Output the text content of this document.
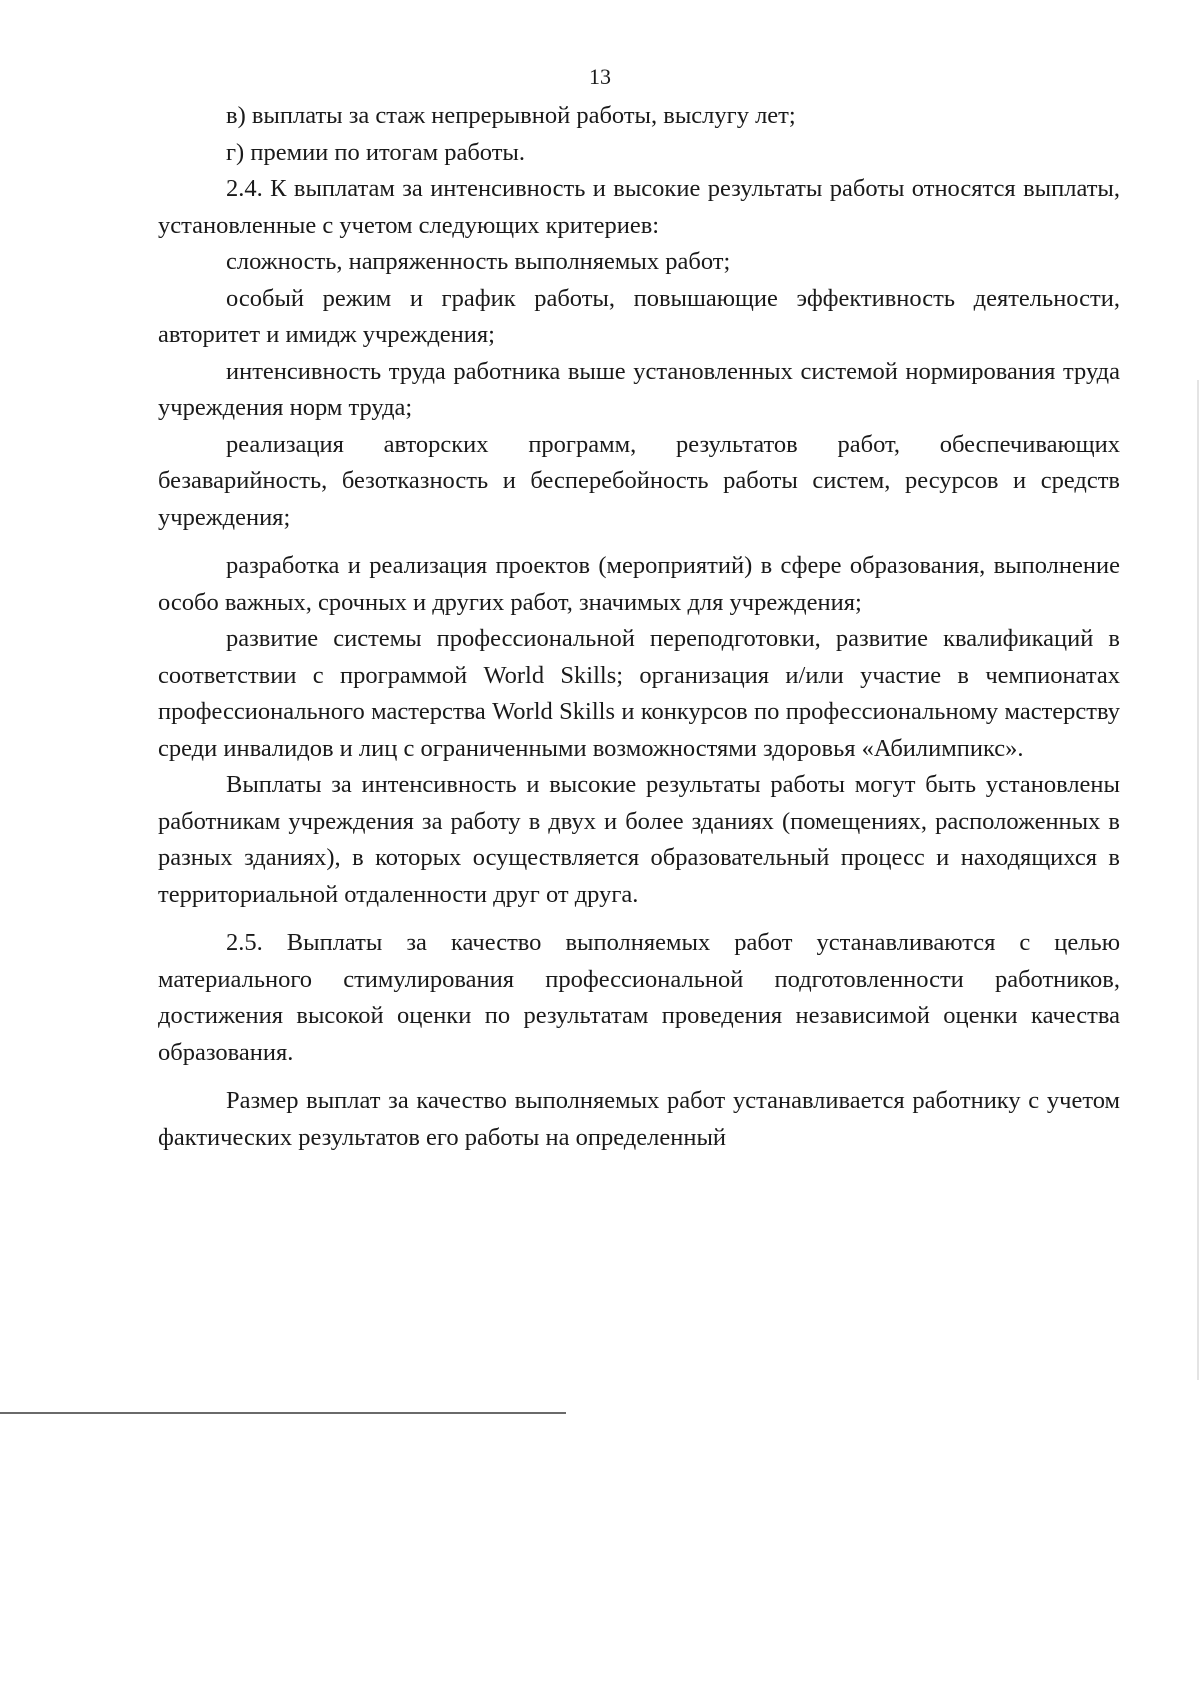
13

в) выплаты за стаж непрерывной работы, выслугу лет;

г) премии по итогам работы.

2.4. К выплатам за интенсивность и высокие результаты работы относятся выплаты, установленные с учетом следующих критериев:

сложность, напряженность выполняемых работ;

особый режим и график работы, повышающие эффективность деятельности, авторитет и имидж учреждения;

интенсивность труда работника выше установленных системой нормирования труда учреждения норм труда;

реализация авторских программ, результатов работ, обеспечивающих безаварийность, безотказность и бесперебойность работы систем, ресурсов и средств учреждения;

разработка и реализация проектов (мероприятий) в сфере образования, выполнение особо важных, срочных и других работ, значимых для учреждения;

развитие системы профессиональной переподготовки, развитие квалификаций в соответствии с программой World Skills; организация и/или участие в чемпионатах профессионального мастерства World Skills и конкурсов по профессиональному мастерству среди инвалидов и лиц с ограниченными возможностями здоровья «Абилимпикс».

Выплаты за интенсивность и высокие результаты работы могут быть установлены работникам учреждения за работу в двух и более зданиях (помещениях, расположенных в разных зданиях), в которых осуществляется образовательный процесс и находящихся в территориальной отдаленности друг от друга.

2.5. Выплаты за качество выполняемых работ устанавливаются с целью материального стимулирования профессиональной подготовленности работников, достижения высокой оценки по результатам проведения независимой оценки качества образования.

Размер выплат за качество выполняемых работ устанавливается работнику с учетом фактических результатов его работы на определенный
